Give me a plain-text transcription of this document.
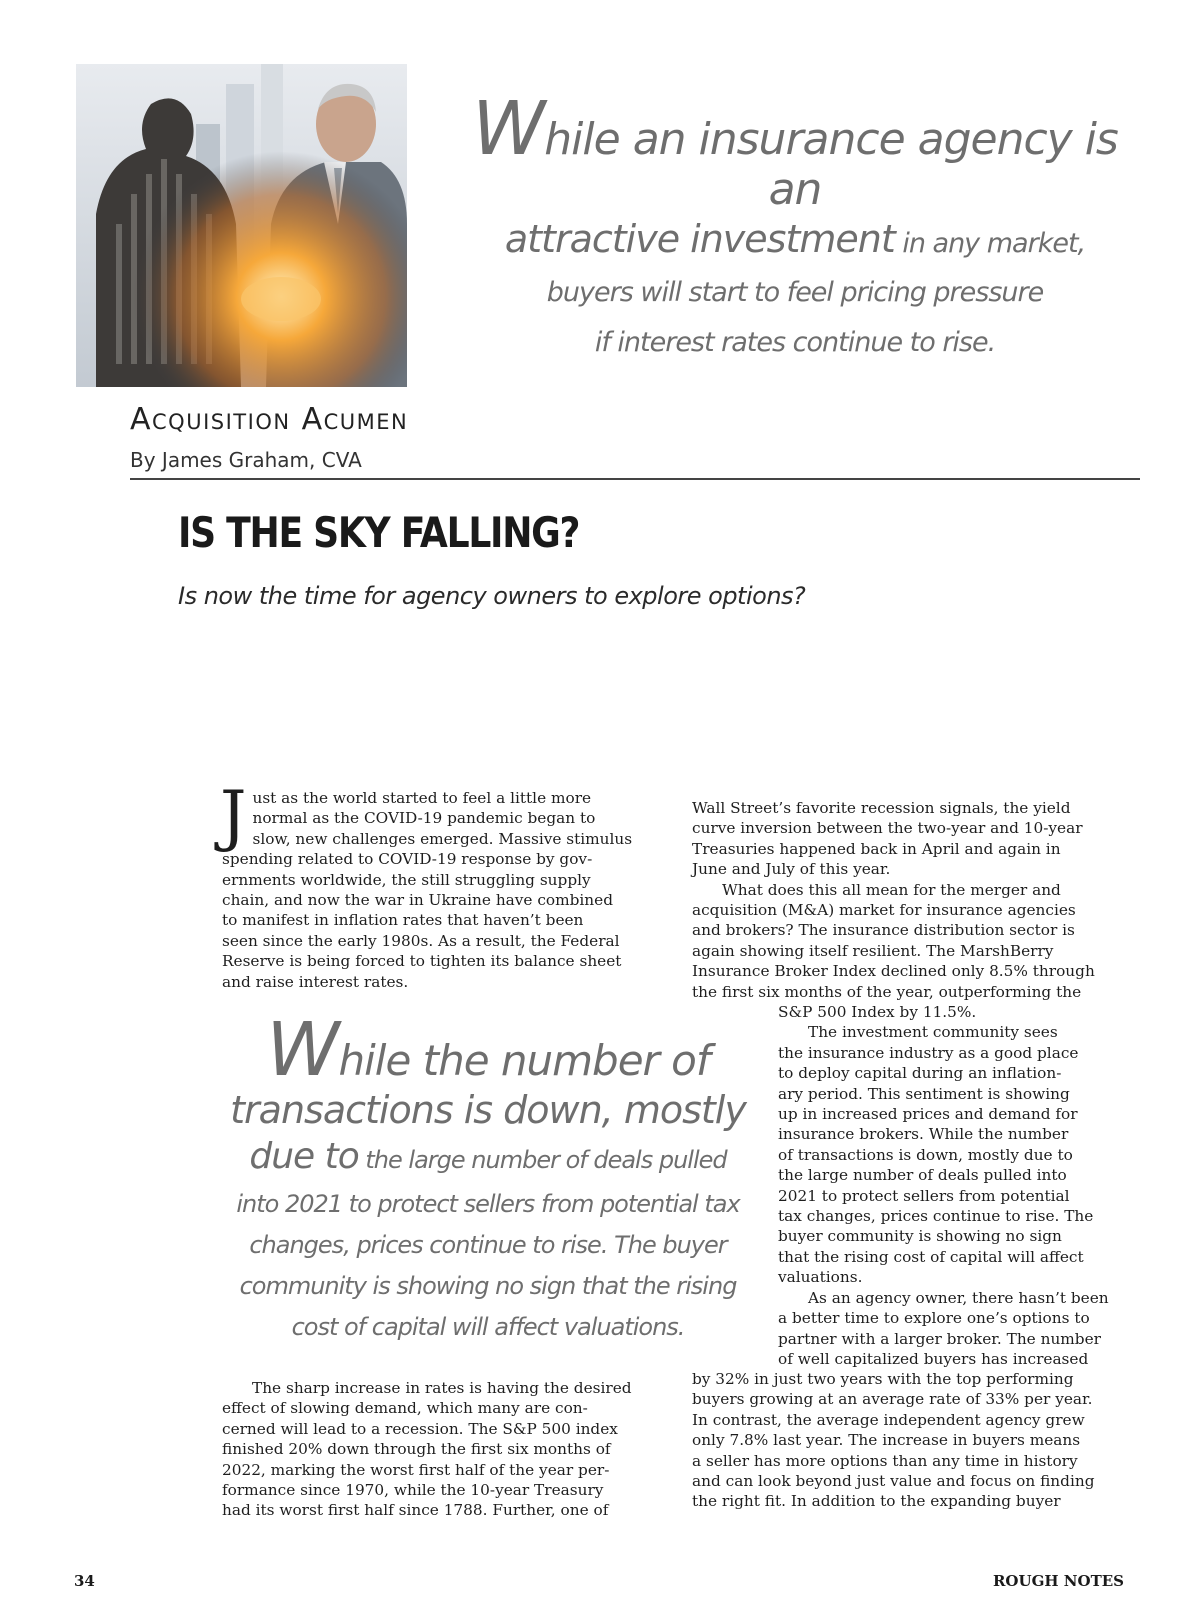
While an insurance agency is an
attractive investment in any market,
buyers will start to feel pricing pressure
if interest rates continue to rise.
Acquisition Acumen
By James Graham, CVA
IS THE SKY FALLING?
Is now the time for agency owners to explore options?
J ust as the world started to feel a little more

normal as the COVID-19 pandemic began to

slow, new challenges emerged. Massive stimulus

spending related to COVID-19 response by gov-

ernments worldwide, the still struggling supply

chain, and now the war in Ukraine have combined

to manifest in inflation rates that haven’t been

seen since the early 1980s. As a result, the Federal

Reserve is being forced to tighten its balance sheet

and raise interest rates.

While the number of
transactions is down, mostly
due to the large number of deals pulled
into 2021 to protect sellers from potential tax
changes, prices continue to rise. The buyer
community is showing no sign that the rising
cost of capital will affect valuations.

The sharp increase in rates is having the desired

effect of slowing demand, which many are con-

cerned will lead to a recession. The S&P 500 index

finished 20% down through the first six months of

2022, marking the worst first half of the year per-

formance since 1970, while the 10-year Treasury

had its worst first half since 1788. Further, one of

Wall Street’s favorite recession signals, the yield

curve inversion between the two-year and 10-year

Treasuries happened back in April and again in

June and July of this year.

What does this all mean for the merger and

acquisition (M&A) market for insurance agencies

and brokers? The insurance distribution sector is

again showing itself resilient. The MarshBerry

Insurance Broker Index declined only 8.5% through

the first six months of the year, outperforming the

S&P 500 Index by 11.5%.

The investment community sees

the insurance industry as a good place

to deploy capital during an inflation-

ary period. This sentiment is showing

up in increased prices and demand for

insurance brokers. While the number

of transactions is down, mostly due to

the large number of deals pulled into

2021 to protect sellers from potential

tax changes, prices continue to rise. The

buyer community is showing no sign

that the rising cost of capital will affect

valuations.

As an agency owner, there hasn’t been

a better time to explore one’s options to

partner with a larger broker. The number

of well capitalized buyers has increased

by 32% in just two years with the top performing

buyers growing at an average rate of 33% per year.

In contrast, the average independent agency grew

only 7.8% last year. The increase in buyers means

a seller has more options than any time in history

and can look beyond just value and focus on finding

the right fit. In addition to the expanding buyer

34	ROUGH NOTES
